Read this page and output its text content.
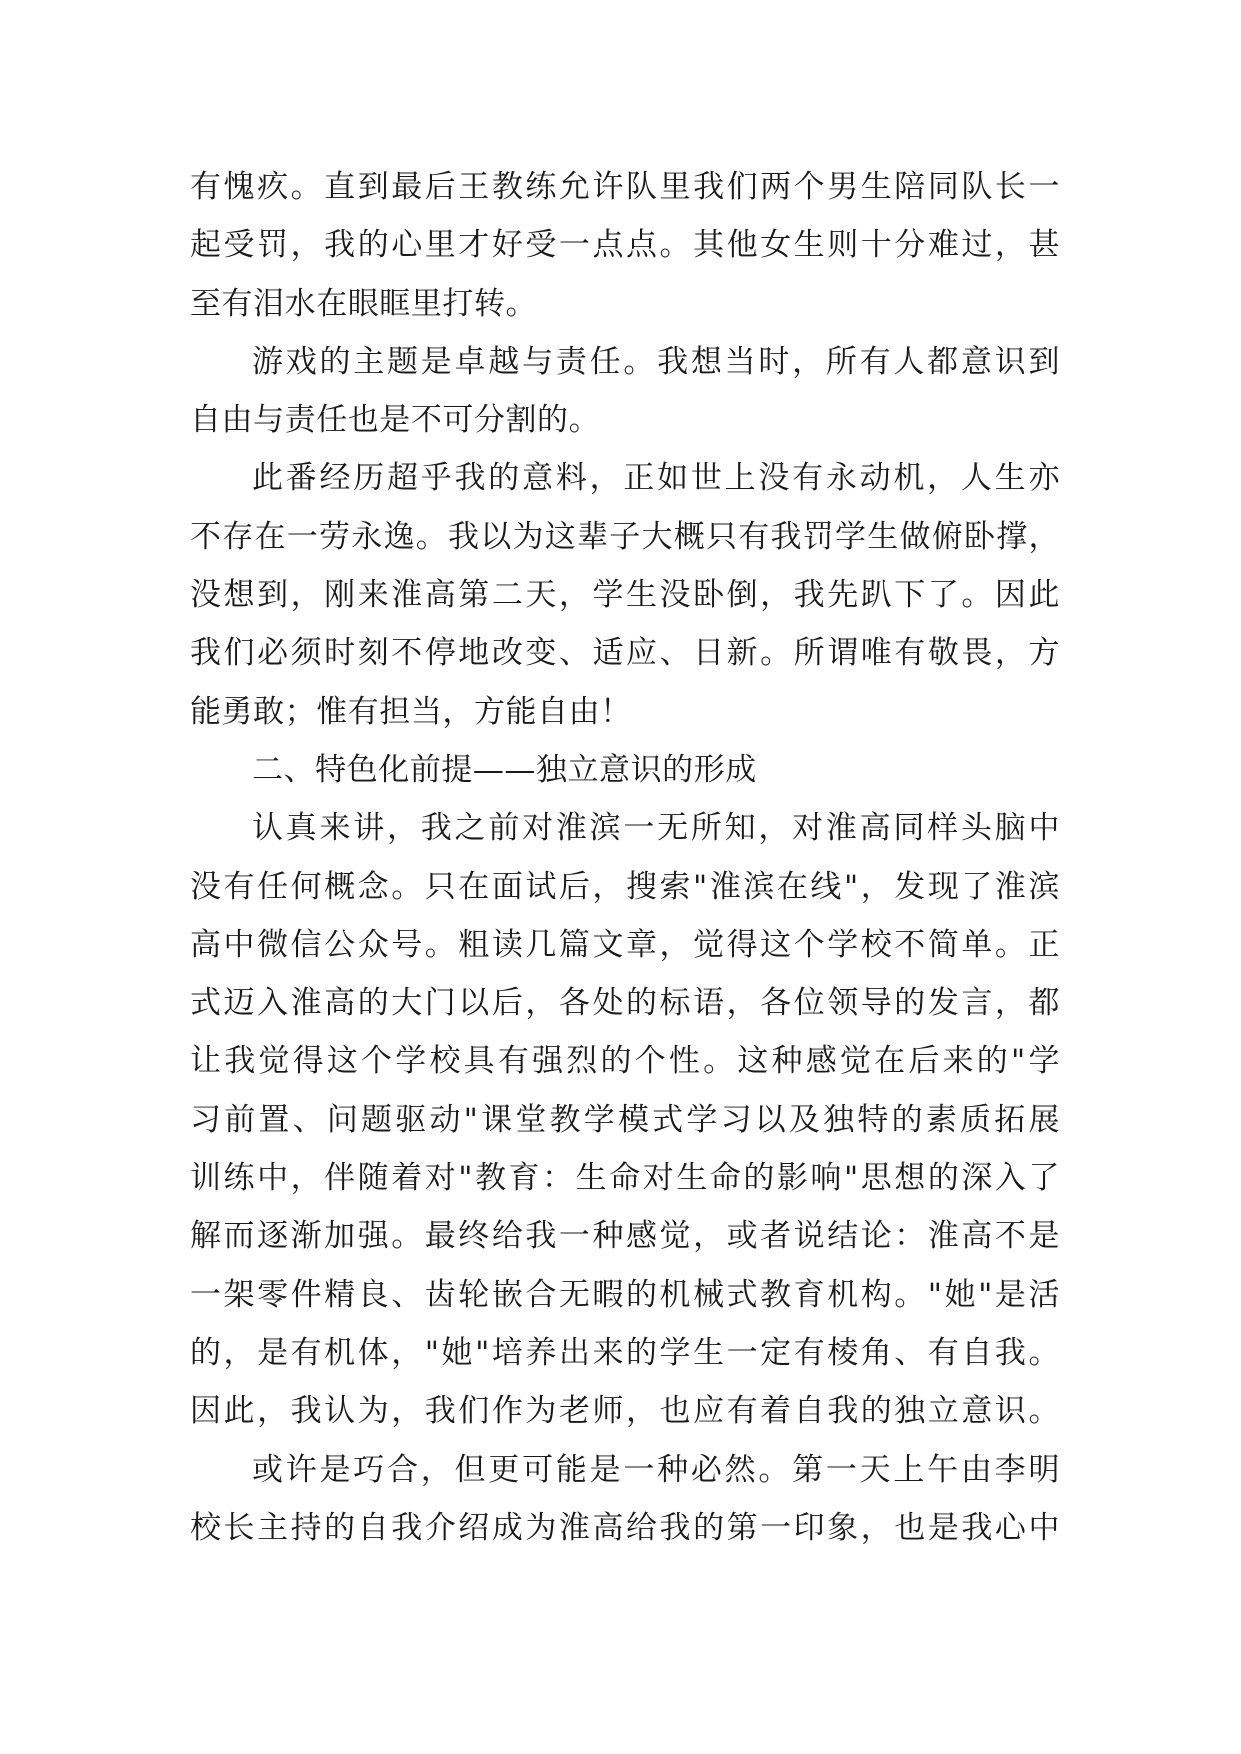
有愧疚。直到最后王教练允许队里我们两个男生陪同队长一
起受罚，我的心里才好受一点点。其他女生则十分难过，甚
至有泪水在眼眶里打转。
游戏的主题是卓越与责任。我想当时，所有人都意识到
自由与责任也是不可分割的。
此番经历超乎我的意料，正如世上没有永动机，人生亦
不存在一劳永逸。我以为这辈子大概只有我罚学生做俯卧撑，
没想到，刚来淮高第二天，学生没卧倒，我先趴下了。因此
我们必须时刻不停地改变、适应、日新。所谓唯有敬畏，方
能勇敢；惟有担当，方能自由！
二、特色化前提——独立意识的形成
认真来讲，我之前对淮滨一无所知，对淮高同样头脑中
没有任何概念。只在面试后，搜索"淮滨在线"，发现了淮滨
高中微信公众号。粗读几篇文章，觉得这个学校不简单。正
式迈入淮高的大门以后，各处的标语，各位领导的发言，都
让我觉得这个学校具有强烈的个性。这种感觉在后来的"学
习前置、问题驱动"课堂教学模式学习以及独特的素质拓展
训练中，伴随着对"教育：生命对生命的影响"思想的深入了
解而逐渐加强。最终给我一种感觉，或者说结论：淮高不是
一架零件精良、齿轮嵌合无暇的机械式教育机构。"她"是活
的，是有机体，"她"培养出来的学生一定有棱角、有自我。
因此，我认为，我们作为老师，也应有着自我的独立意识。
或许是巧合，但更可能是一种必然。第一天上午由李明
校长主持的自我介绍成为淮高给我的第一印象，也是我心中
